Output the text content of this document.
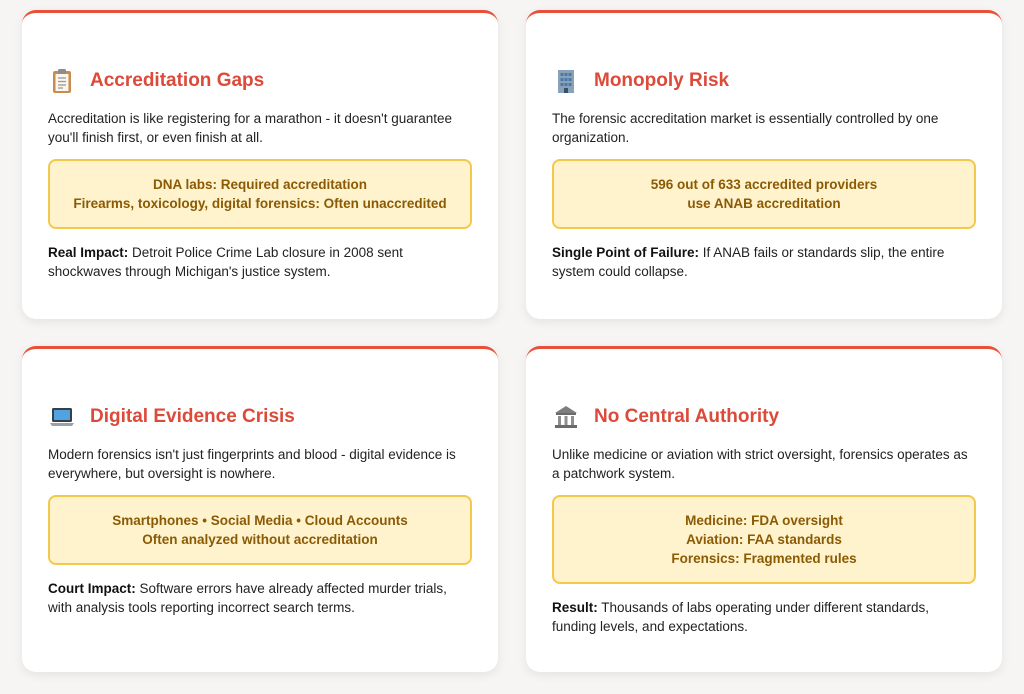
Accreditation Gaps
Accreditation is like registering for a marathon - it doesn't guarantee you'll finish first, or even finish at all.
DNA labs: Required accreditation
Firearms, toxicology, digital forensics: Often unaccredited
Real Impact: Detroit Police Crime Lab closure in 2008 sent shockwaves through Michigan's justice system.
Monopoly Risk
The forensic accreditation market is essentially controlled by one organization.
596 out of 633 accredited providers
use ANAB accreditation
Single Point of Failure: If ANAB fails or standards slip, the entire system could collapse.
Digital Evidence Crisis
Modern forensics isn't just fingerprints and blood - digital evidence is everywhere, but oversight is nowhere.
Smartphones • Social Media • Cloud Accounts
Often analyzed without accreditation
Court Impact: Software errors have already affected murder trials, with analysis tools reporting incorrect search terms.
No Central Authority
Unlike medicine or aviation with strict oversight, forensics operates as a patchwork system.
Medicine: FDA oversight
Aviation: FAA standards
Forensics: Fragmented rules
Result: Thousands of labs operating under different standards, funding levels, and expectations.
